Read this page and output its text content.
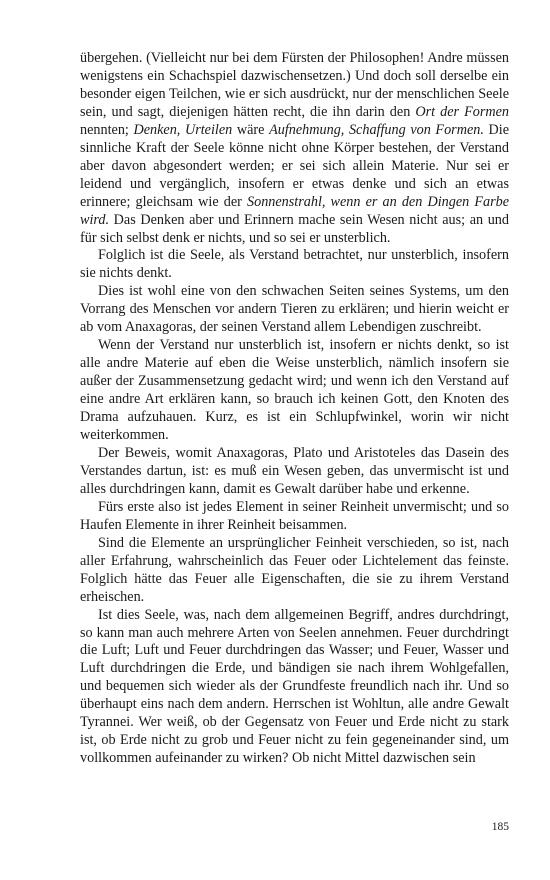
übergehen. (Vielleicht nur bei dem Fürsten der Philosophen! Andre müssen wenigstens ein Schachspiel dazwischensetzen.) Und doch soll derselbe ein besonder eigen Teilchen, wie er sich ausdrückt, nur der menschlichen Seele sein, und sagt, diejenigen hätten recht, die ihn darin den Ort der Formen nennten; Denken, Urteilen wäre Aufnehmung, Schaffung von Formen. Die sinnliche Kraft der Seele könne nicht ohne Körper bestehen, der Verstand aber davon abgesondert werden; er sei sich allein Materie. Nur sei er leidend und vergänglich, insofern er etwas denke und sich an etwas erinnere; gleichsam wie der Sonnenstrahl, wenn er an den Dingen Farbe wird. Das Denken aber und Erinnern mache sein Wesen nicht aus; an und für sich selbst denk er nichts, und so sei er unsterblich.

Folglich ist die Seele, als Verstand betrachtet, nur unsterblich, insofern sie nichts denkt.

Dies ist wohl eine von den schwachen Seiten seines Systems, um den Vorrang des Menschen vor andern Tieren zu erklären; und hierin weicht er ab vom Anaxagoras, der seinen Verstand allem Lebendigen zuschreibt.

Wenn der Verstand nur unsterblich ist, insofern er nichts denkt, so ist alle andre Materie auf eben die Weise unsterblich, nämlich insofern sie außer der Zusammensetzung gedacht wird; und wenn ich den Verstand auf eine andre Art erklären kann, so brauch ich keinen Gott, den Knoten des Drama aufzuhauen. Kurz, es ist ein Schlupfwinkel, worin wir nicht weiterkommen.

Der Beweis, womit Anaxagoras, Plato und Aristoteles das Dasein des Verstandes dartun, ist: es muß ein Wesen geben, das unvermischt ist und alles durchdringen kann, damit es Gewalt darüber habe und erkenne.

Fürs erste also ist jedes Element in seiner Reinheit unvermischt; und so Haufen Elemente in ihrer Reinheit beisammen.

Sind die Elemente an ursprünglicher Feinheit verschieden, so ist, nach aller Erfahrung, wahrscheinlich das Feuer oder Lichtelement das feinste. Folglich hätte das Feuer alle Eigenschaften, die sie zu ihrem Verstand erheischen.

Ist dies Seele, was, nach dem allgemeinen Begriff, andres durchdringt, so kann man auch mehrere Arten von Seelen annehmen. Feuer durchdringt die Luft; Luft und Feuer durchdringen das Wasser; und Feuer, Wasser und Luft durchdringen die Erde, und bändigen sie nach ihrem Wohlgefallen, und bequemen sich wieder als der Grundfeste freundlich nach ihr. Und so überhaupt eins nach dem andern. Herrschen ist Wohltun, alle andre Gewalt Tyrannei. Wer weiß, ob der Gegensatz von Feuer und Erde nicht zu stark ist, ob Erde nicht zu grob und Feuer nicht zu fein gegeneinander sind, um vollkommen aufeinander zu wirken? Ob nicht Mittel dazwischen sein

185
